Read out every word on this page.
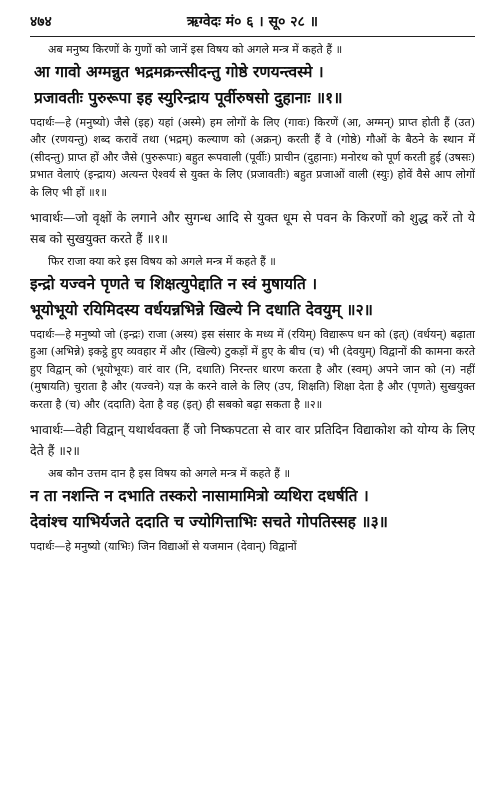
४७४	ऋग्वेदः मं० ६ । सू० २८ ॥
अब मनुष्य किरणों के गुणों को जानें इस विषय को अगले मन्त्र में कहते हैं ॥
आ गावो अग्मन्नुत भद्रमक्रन्त्सीदन्तु गोष्ठे रणयन्त्वस्मे ।
प्रजावतीः पुरुरूपा इह स्युरिन्द्राय पूर्वीरुषसो दुहानाः ॥१॥
पदार्थः—हे (मनुष्यो) जैसे (इह) यहां (अस्मे) हम लोगों के लिए (गावः) किरणें (आ, अग्मन्) प्राप्त होती हैं (उत) और (रणयन्तु) शब्द करावें तथा (भद्रम्) कल्याण को (अक्रन्) करती हैं वे (गोष्ठे) गौओं के बैठने के स्थान में (सीदन्तु) प्राप्त हों और जैसे (पुरुरूपाः) बहुत रूपवाली (पूर्वीः) प्राचीन (दुहानाः) मनोरथ को पूर्ण करती हुई (उषसः) प्रभात वेलाएं (इन्द्राय) अत्यन्त ऐश्वर्य से युक्त के लिए (प्रजावतीः) बहुत प्रजाओं वाली (स्युः) होवें वैसे आप लोगों के लिए भी हों ॥१॥
भावार्थः—जो वृक्षों के लगाने और सुगन्ध आदि से युक्त धूम से पवन के किरणों को शुद्ध करें तो ये सब को सुखयुक्त करते हैं ॥१॥
फिर राजा क्या करे इस विषय को अगले मन्त्र में कहते हैं ॥
इन्द्रो यज्वने पृणते च शिक्षत्युपेद्दाति न स्वं मुषायति ।
भूयोभूयो रयिमिदस्य वर्धयन्नभिन्ने खिल्ये नि दधाति देवयुम् ॥२॥
पदार्थः—हे मनुष्यो जो (इन्द्रः) राजा (अस्य) इस संसार के मध्य में (रयिम्) विद्यारूप धन को (इत्) (वर्धयन्) बढ़ाता हुआ (अभिन्ने) इकट्ठे हुए व्यवहार में और (खिल्ये) टुकड़ों में हुए के बीच (च) भी (देवयुम्) विद्वानों की कामना करते हुए विद्वान् को (भूयोभूयः) वारं वार (नि, दधाति) निरन्तर धारण करता है और (स्वम्) अपने जान को (न) नहीं (मुषायति) चुराता है और (यज्वने) यज्ञ के करने वाले के लिए (उप, शिक्षति) शिक्षा देता है और (पृणते) सुखयुक्त करता है (च) और (ददाति) देता है वह (इत्) ही सबको बढ़ा सकता है ॥२॥
भावार्थः—वेही विद्वान् यथार्थवक्ता हैं जो निष्कपटता से वार वार प्रतिदिन विद्याकोश को योग्य के लिए देते हैं ॥२॥
अब कौन उत्तम दान है इस विषय को अगले मन्त्र में कहते हैं ॥
न ता नशन्ति न दभाति तस्करो नासामामित्रो व्यथिरा दधर्षति ।
देवांश्च याभिर्यजते ददाति च ज्योगित्ताभिः सचते गोपतिस्सह ॥३॥
पदार्थः—हे मनुष्यो (याभिः) जिन विद्याओं से यजमान (देवान्) विद्वानों
